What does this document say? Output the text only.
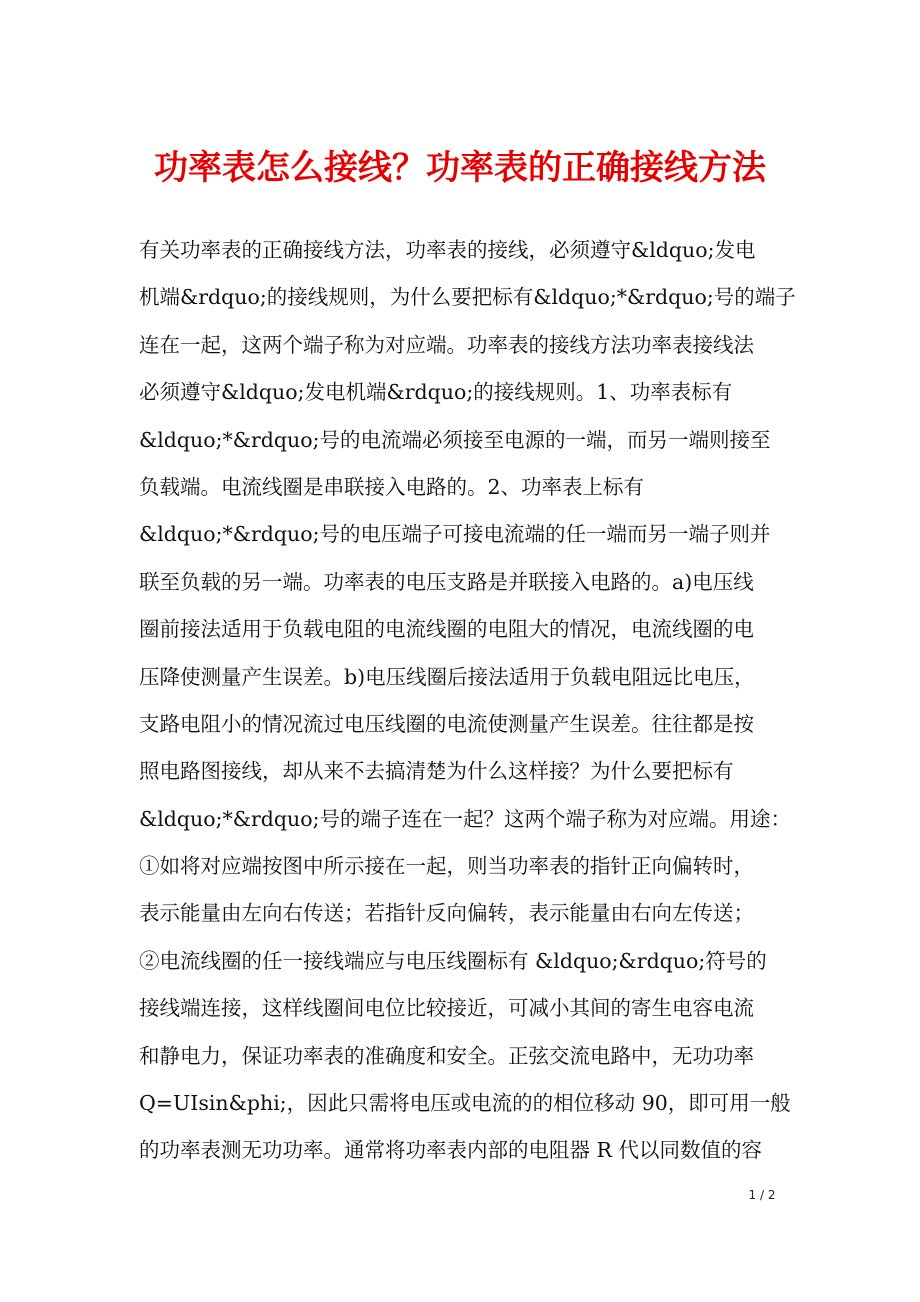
功率表怎么接线？功率表的正确接线方法
有关功率表的正确接线方法，功率表的接线，必须遵守&ldquo;发电
机端&rdquo;的接线规则，为什么要把标有&ldquo;*&rdquo;号的端子
连在一起，这两个端子称为对应端。功率表的接线方法功率表接线法
必须遵守&ldquo;发电机端&rdquo;的接线规则。1、功率表标有
&ldquo;*&rdquo;号的电流端必须接至电源的一端，而另一端则接至
负载端。电流线圈是串联接入电路的。2、功率表上标有
&ldquo;*&rdquo;号的电压端子可接电流端的任一端而另一端子则并
联至负载的另一端。功率表的电压支路是并联接入电路的。a)电压线
圈前接法适用于负载电阻的电流线圈的电阻大的情况，电流线圈的电
压降使测量产生误差。b)电压线圈后接法适用于负载电阻远比电压，
支路电阻小的情况流过电压线圈的电流使测量产生误差。往往都是按
照电路图接线，却从来不去搞清楚为什么这样接？为什么要把标有
&ldquo;*&rdquo;号的端子连在一起？这两个端子称为对应端。用途：
①如将对应端按图中所示接在一起，则当功率表的指针正向偏转时，
表示能量由左向右传送；若指针反向偏转，表示能量由右向左传送；
②电流线圈的任一接线端应与电压线圈标有 &ldquo;&rdquo;符号的
接线端连接，这样线圈间电位比较接近，可减小其间的寄生电容电流
和静电力，保证功率表的准确度和安全。正弦交流电路中，无功功率
Q=UIsin&phi;，因此只需将电压或电流的的相位移动 90，即可用一般
的功率表测无功功率。通常将功率表内部的电阻器 R 代以同数值的容
1 / 2
